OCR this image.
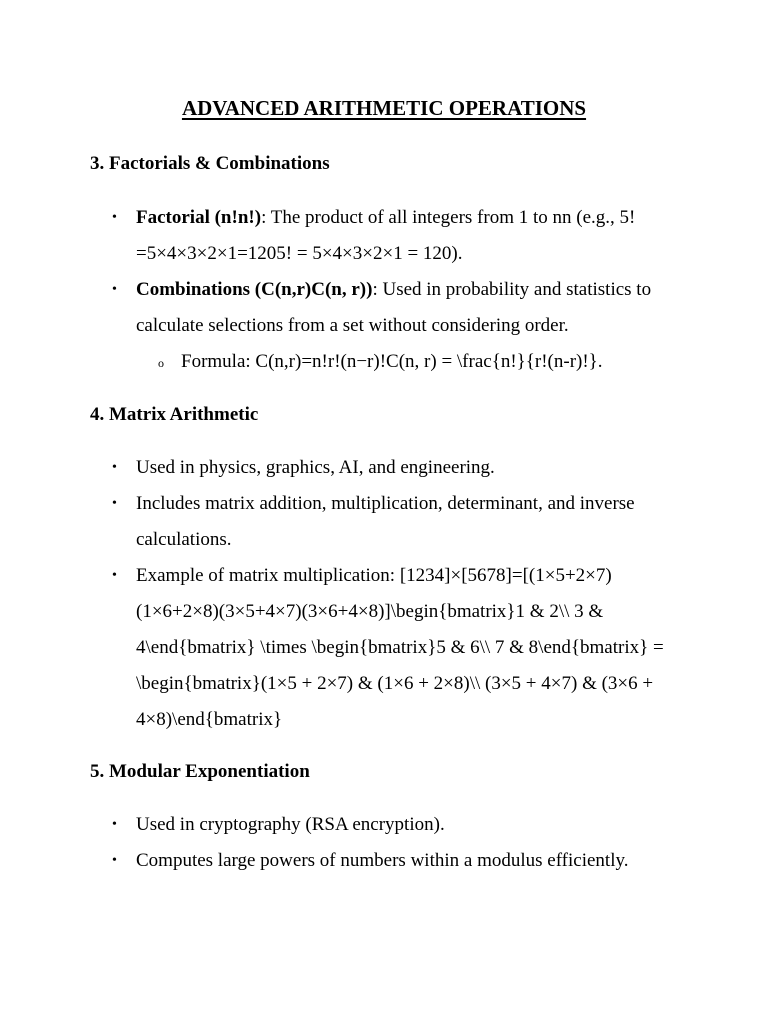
ADVANCED ARITHMETIC OPERATIONS
3. Factorials & Combinations
• Factorial (n!n!): The product of all integers from 1 to nn (e.g., 5! =5×4×3×2×1=1205! = 5×4×3×2×1 = 120).
• Combinations (C(n,r)C(n, r)): Used in probability and statistics to calculate selections from a set without considering order.
o Formula: C(n,r)=n!r!(n−r)!C(n, r) = \frac{n!}{r!(n-r)!}.
4. Matrix Arithmetic
• Used in physics, graphics, AI, and engineering.
• Includes matrix addition, multiplication, determinant, and inverse calculations.
• Example of matrix multiplication: [1234]×[5678]=[(1×5+2×7)(1×6+2×8)(3×5+4×7)(3×6+4×8)]\begin{bmatrix}1 & 2\\ 3 & 4\end{bmatrix} \times \begin{bmatrix}5 & 6\\ 7 & 8\end{bmatrix} = \begin{bmatrix}(1×5 + 2×7) & (1×6 + 2×8)\\ (3×5 + 4×7) & (3×6 + 4×8)\end{bmatrix}
5. Modular Exponentiation
• Used in cryptography (RSA encryption).
• Computes large powers of numbers within a modulus efficiently.
